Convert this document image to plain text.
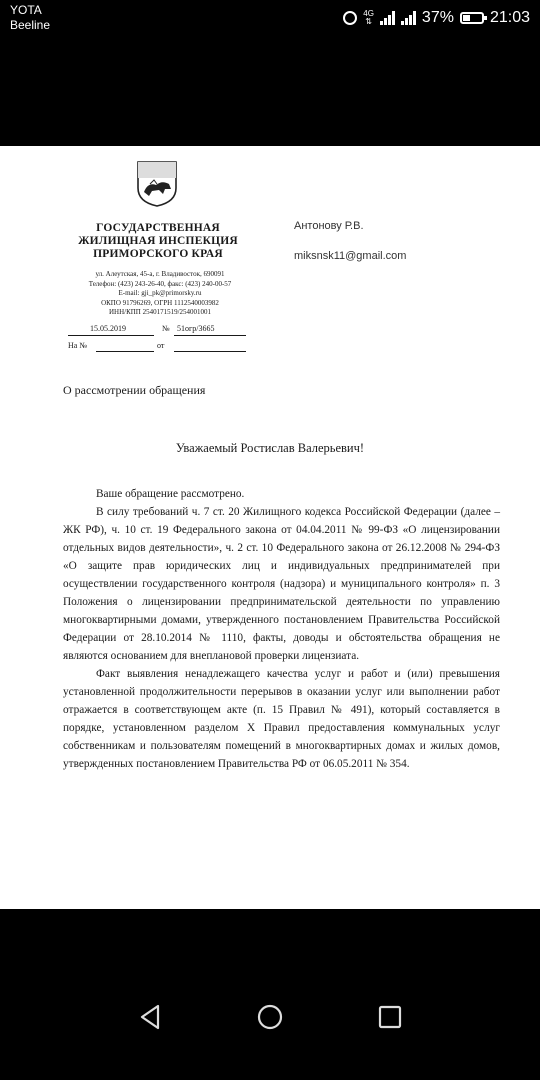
YOTA
Beeline
4G
⇅	37% 21:03
ГОСУДАРСТВЕННАЯ
ЖИЛИЩНАЯ ИНСПЕКЦИЯ
ПРИМОРСКОГО КРАЯ
ул. Алеутская, 45-а, г. Владивосток, 690091
Телефон: (423) 243-26-40, факс: (423) 240-00-57
E-mail: gji_pk@primorsky.ru
ОКПО 91796269, ОГРН 1112540003982
ИНН/КПП 2540171519/254001001
15.05.2019	№ 51огр/3665
На №	от
Антонову Р.В.
miksnsk11@gmail.com
О рассмотрении обращения
Уважаемый Ростислав Валерьевич!

Ваше обращение рассмотрено.

В силу требований ч. 7 ст. 20 Жилищного кодекса Российской Федерации (далее – ЖК РФ), ч. 10 ст. 19 Федерального закона от 04.04.2011 № 99-ФЗ «О лицензировании отдельных видов деятельности», ч. 2 ст. 10 Федерального закона от 26.12.2008 № 294-ФЗ «О защите прав юридических лиц и индивидуальных предпринимателей при осуществлении государственного контроля (надзора) и муниципального контроля» п. 3 Положения о лицензировании предпринимательской деятельности по управлению многоквартирными домами, утвержденного постановлением Правительства Российской Федерации от 28.10.2014 № 1110, факты, доводы и обстоятельства обращения не являются основанием для внеплановой проверки лицензиата.

Факт выявления ненадлежащего качества услуг и работ и (или) превышения установленной продолжительности перерывов в оказании услуг или выполнении работ отражается в соответствующем акте (п. 15 Правил № 491), который составляется в порядке, установленном разделом X Правил предоставления коммунальных услуг собственникам и пользователям помещений в многоквартирных домах и жилых домов, утвержденных постановлением Правительства РФ от 06.05.2011 № 354.
